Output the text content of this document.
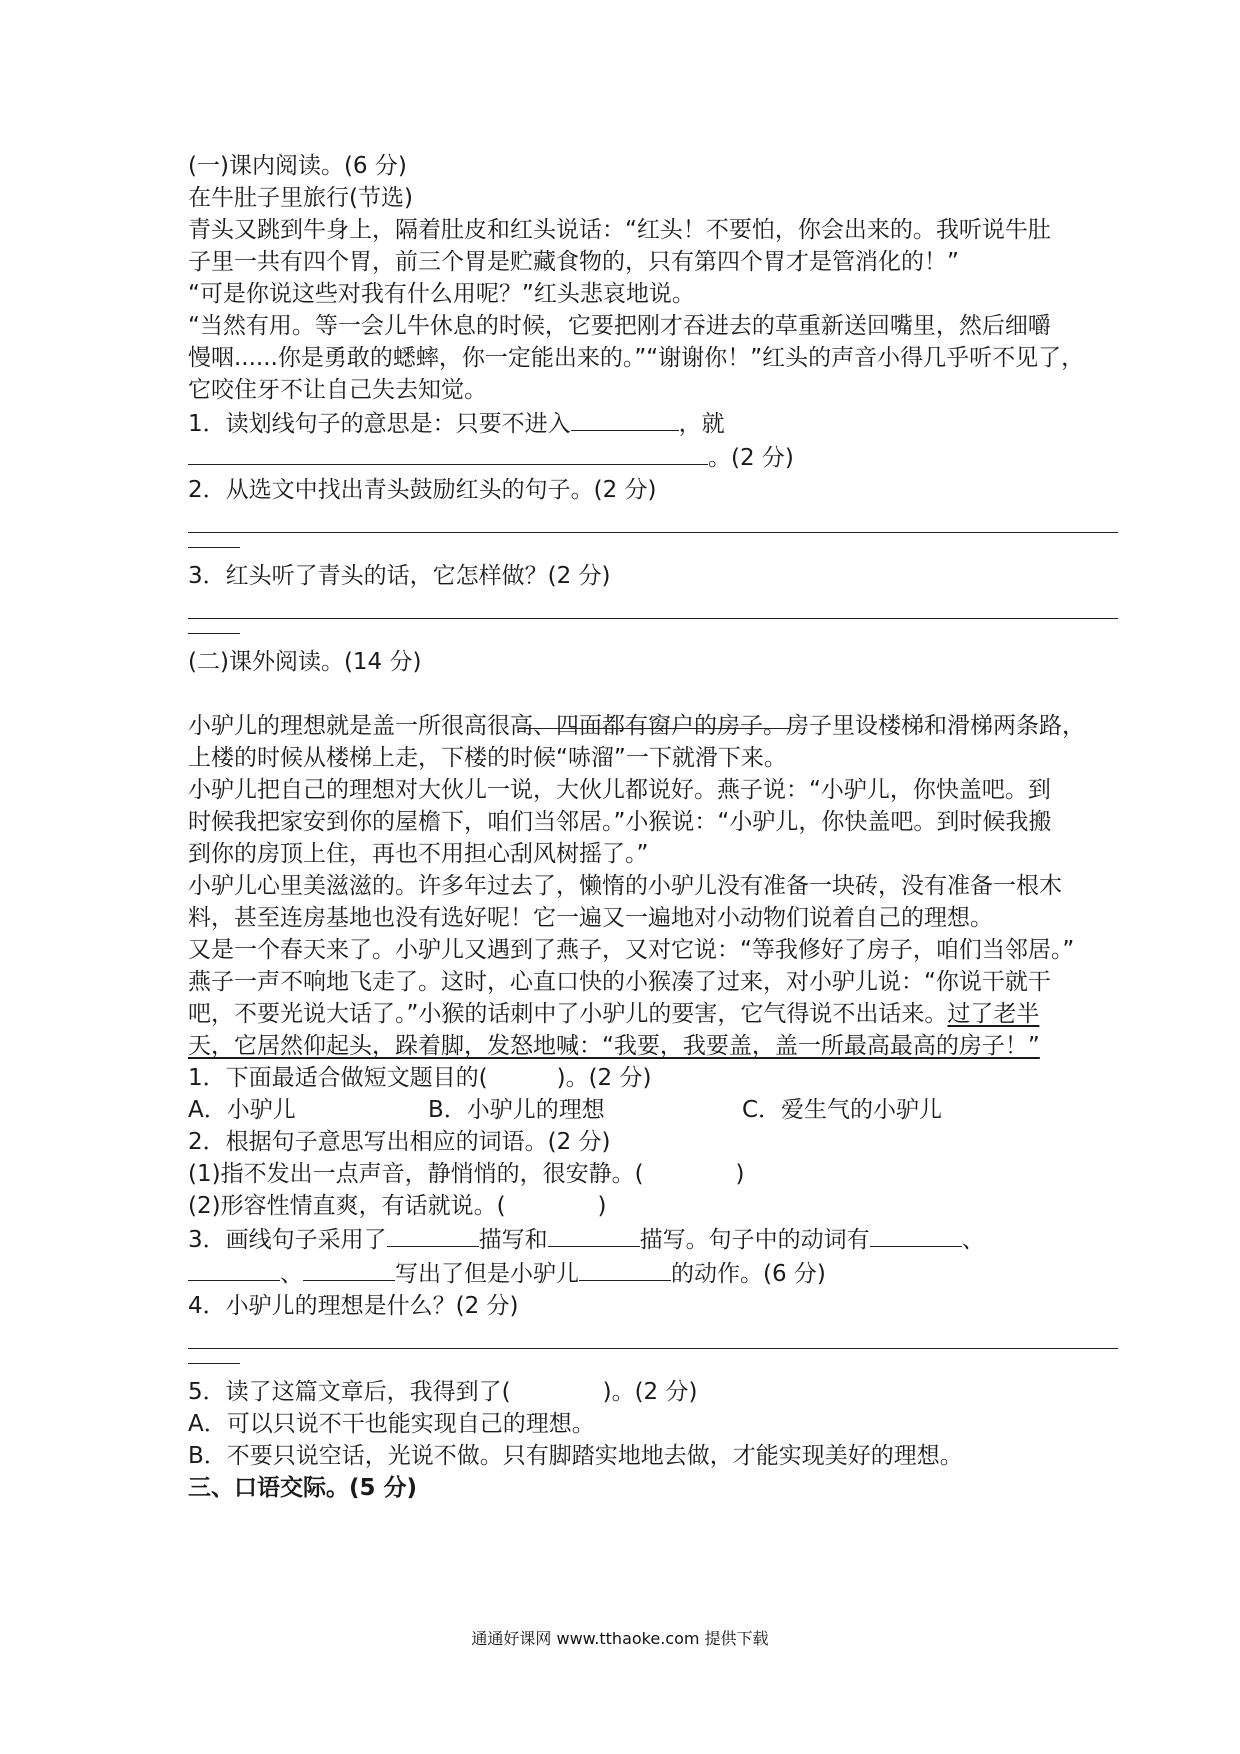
(一)课内阅读。(6 分)
在牛肚子里旅行(节选)
青头又跳到牛身上，隔着肚皮和红头说话：“红头！不要怕，你会出来的。我听说牛肚
子里一共有四个胃，前三个胃是贮藏食物的，只有第四个胃才是管消化的！”
“可是你说这些对我有什么用呢？”红头悲哀地说。
“当然有用。等一会儿牛休息的时候，它要把刚才吞进去的草重新送回嘴里，然后细嚼
慢咽......你是勇敢的蟋蟀，你一定能出来的。”“谢谢你！”红头的声音小得几乎听不见了，
它咬住牙不让自己失去知觉。
1．读划线句子的意思是：只要不进入	，就
。(2 分)
2．从选文中找出青头鼓励红头的句子。(2 分)
3．红头听了青头的话，它怎样做？(2 分)
(二)课外阅读。(14 分)
小驴儿的理想就是盖一所很高很高、四面都有窗户的房子。房子里设楼梯和滑梯两条路，
上楼的时候从楼梯上走，下楼的时候“哧溜”一下就滑下来。
小驴儿把自己的理想对大伙儿一说，大伙儿都说好。燕子说：“小驴儿，你快盖吧。到
时候我把家安到你的屋檐下，咱们当邻居。”小猴说：“小驴儿，你快盖吧。到时候我搬
到你的房顶上住，再也不用担心刮风树摇了。”
小驴儿心里美滋滋的。许多年过去了，懒惰的小驴儿没有准备一块砖，没有准备一根木
料，甚至连房基地也没有选好呢！它一遍又一遍地对小动物们说着自己的理想。
又是一个春天来了。小驴儿又遇到了燕子，又对它说：“等我修好了房子，咱们当邻居。”
燕子一声不响地飞走了。这时，心直口快的小猴凑了过来，对小驴儿说：“你说干就干
吧，不要光说大话了。”小猴的话刺中了小驴儿的要害，它气得说不出话来。过了老半
天，它居然仰起头，跺着脚，发怒地喊：“我要，我要盖，盖一所最高最高的房子！”
1．下面最适合做短文题目的(　　　)。(2 分)
A．小驴儿	B．小驴儿的理想	C．爱生气的小驴儿
2．根据句子意思写出相应的词语。(2 分)
(1)指不发出一点声音，静悄悄的，很安静。(　　　　)
(2)形容性情直爽，有话就说。(　　　　)
3．画线句子采用了	描写和	描写。句子中的动词有	、
、	写出了但是小驴儿	的动作。(6 分)
4．小驴儿的理想是什么？(2 分)
5．读了这篇文章后，我得到了(　　　　)。(2 分)
A．可以只说不干也能实现自己的理想。
B．不要只说空话，光说不做。只有脚踏实地地去做，才能实现美好的理想。
三、口语交际。(5 分)
通通好课网 www.tthaoke.com 提供下载
